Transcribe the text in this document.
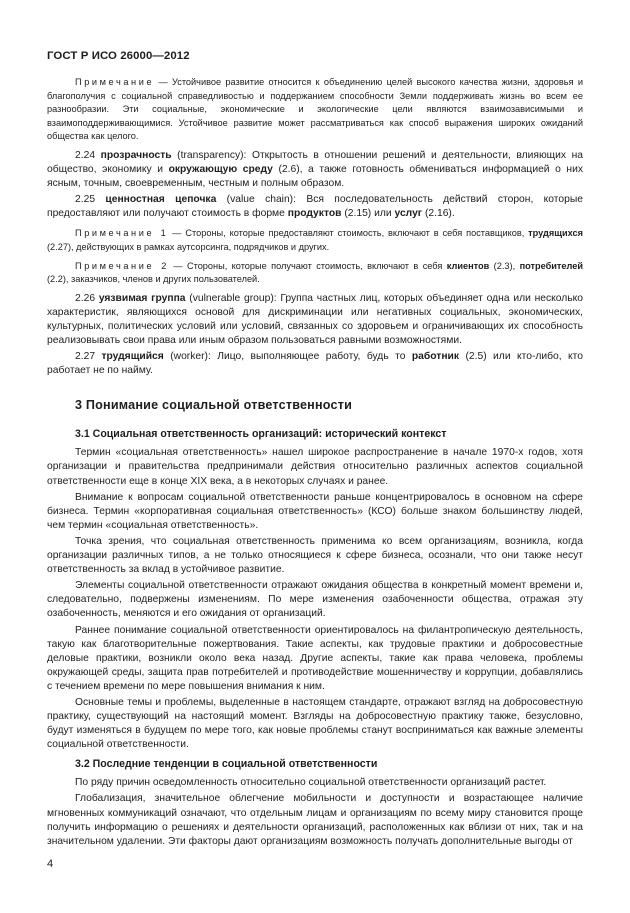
ГОСТ Р ИСО 26000—2012

Примечание — Устойчивое развитие относится к объединению целей высокого качества жизни, здоровья и благополучия с социальной справедливостью и поддержанием способности Земли поддерживать жизнь во всем ее разнообразии. Эти социальные, экономические и экологические цели являются взаимозависимыми и взаимоподдерживающимися. Устойчивое развитие может рассматриваться как способ выражения широких ожиданий общества как целого.

2.24 прозрачность (transparency): Открытость в отношении решений и деятельности, влияющих на общество, экономику и окружающую среду (2.6), а также готовность обмениваться информацией о них ясным, точным, своевременным, честным и полным образом.

2.25 ценностная цепочка (value chain): Вся последовательность действий сторон, которые предоставляют или получают стоимость в форме продуктов (2.15) или услуг (2.16).

Примечание 1 — Стороны, которые предоставляют стоимость, включают в себя поставщиков, трудящихся (2.27), действующих в рамках аутсорсинга, подрядчиков и других.

Примечание 2 — Стороны, которые получают стоимость, включают в себя клиентов (2.3), потребителей (2.2), заказчиков, членов и других пользователей.

2.26 уязвимая группа (vulnerable group): Группа частных лиц, которых объединяет одна или несколько характеристик, являющихся основой для дискриминации или негативных социальных, экономических, культурных, политических условий или условий, связанных со здоровьем и ограничивающих их способность реализовывать свои права или иным образом пользоваться равными возможностями.

2.27 трудящийся (worker): Лицо, выполняющее работу, будь то работник (2.5) или кто-либо, кто работает не по найму.

3 Понимание социальной ответственности
3.1 Социальная ответственность организаций: исторический контекст

Термин «социальная ответственность» нашел широкое распространение в начале 1970-х годов, хотя организации и правительства предпринимали действия относительно различных аспектов социальной ответственности еще в конце XIX века, а в некоторых случаях и ранее.

Внимание к вопросам социальной ответственности раньше концентрировалось в основном на сфере бизнеса. Термин «корпоративная социальная ответственность» (КСО) больше знаком большинству людей, чем термин «социальная ответственность».

Точка зрения, что социальная ответственность применима ко всем организациям, возникла, когда организации различных типов, а не только относящиеся к сфере бизнеса, осознали, что они также несут ответственность за вклад в устойчивое развитие.

Элементы социальной ответственности отражают ожидания общества в конкретный момент времени и, следовательно, подвержены изменениям. По мере изменения озабоченности общества, отражая эту озабоченность, меняются и его ожидания от организаций.

Раннее понимание социальной ответственности ориентировалось на филантропическую деятельность, такую как благотворительные пожертвования. Такие аспекты, как трудовые практики и добросовестные деловые практики, возникли около века назад. Другие аспекты, такие как права человека, проблемы окружающей среды, защита прав потребителей и противодействие мошенничеству и коррупции, добавлялись с течением времени по мере повышения внимания к ним.

Основные темы и проблемы, выделенные в настоящем стандарте, отражают взгляд на добросовестную практику, существующий на настоящий момент. Взгляды на добросовестную практику также, безусловно, будут изменяться в будущем по мере того, как новые проблемы станут восприниматься как важные элементы социальной ответственности.

3.2 Последние тенденции в социальной ответственности

По ряду причин осведомленность относительно социальной ответственности организаций растет.

Глобализация, значительное облегчение мобильности и доступности и возрастающее наличие мгновенных коммуникаций означают, что отдельным лицам и организациям по всему миру становится проще получить информацию о решениях и деятельности организаций, расположенных как вблизи от них, так и на значительном удалении. Эти факторы дают организациям возможность получать дополнительные выгоды от

4
